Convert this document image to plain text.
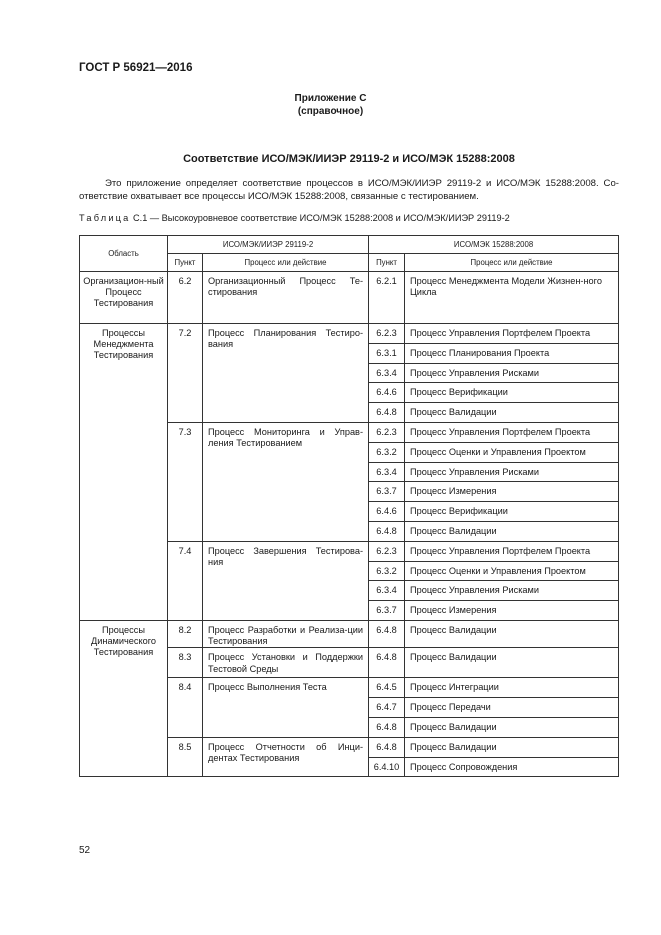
ГОСТ Р 56921—2016
Приложение С
(справочное)
Соответствие ИСО/МЭК/ИИЭР 29119-2 и ИСО/МЭК 15288:2008
Это приложение определяет соответствие процессов в ИСО/МЭК/ИИЭР 29119-2 и ИСО/МЭК 15288:2008. Со-ответствие охватывает все процессы ИСО/МЭК 15288:2008, связанные с тестированием.
Таблица С.1 — Высокоуровневое соответствие ИСО/МЭК 15288:2008 и ИСО/МЭК/ИИЭР 29119-2
Область	ИСО/МЭК/ИИЭР 29119-2		ИСО/МЭК 15288:2008	
	Пункт	Процесс или действие	Пункт	Процесс или действие
Организацион-ный Процесс Тестирования	6.2	Организационный Процесс Те-стирования	6.2.1	Процесс Менеджмента Модели Жизнен-ного Цикла
Процессы Менеджмента Тестирования	7.2	Процесс Планирования Тестиро-вания	6.2.3	Процесс Управления Портфелем Проекта
			6.3.1	Процесс Планирования Проекта
			6.3.4	Процесс Управления Рисками
			6.4.6	Процесс Верификации
			6.4.8	Процесс Валидации
	7.3	Процесс Мониторинга и Управ-ления Тестированием	6.2.3	Процесс Управления Портфелем Проекта
			6.3.2	Процесс Оценки и Управления Проектом
			6.3.4	Процесс Управления Рисками
			6.3.7	Процесс Измерения
			6.4.6	Процесс Верификации
			6.4.8	Процесс Валидации
	7.4	Процесс Завершения Тестирова-ния	6.2.3	Процесс Управления Портфелем Проекта
			6.3.2	Процесс Оценки и Управления Проектом
			6.3.4	Процесс Управления Рисками
			6.3.7	Процесс Измерения
Процессы Динамического Тестирования	8.2	Процесс Разработки и Реализа-ции Тестирования	6.4.8	Процесс Валидации
	8.3	Процесс Установки и Поддержки Тестовой Среды	6.4.8	Процесс Валидации
	8.4	Процесс Выполнения Теста	6.4.5	Процесс Интеграции
			6.4.7	Процесс Передачи
			6.4.8	Процесс Валидации
	8.5	Процесс Отчетности об Инци-дентах Тестирования	6.4.8	Процесс Валидации
			6.4.10	Процесс Сопровождения
52
